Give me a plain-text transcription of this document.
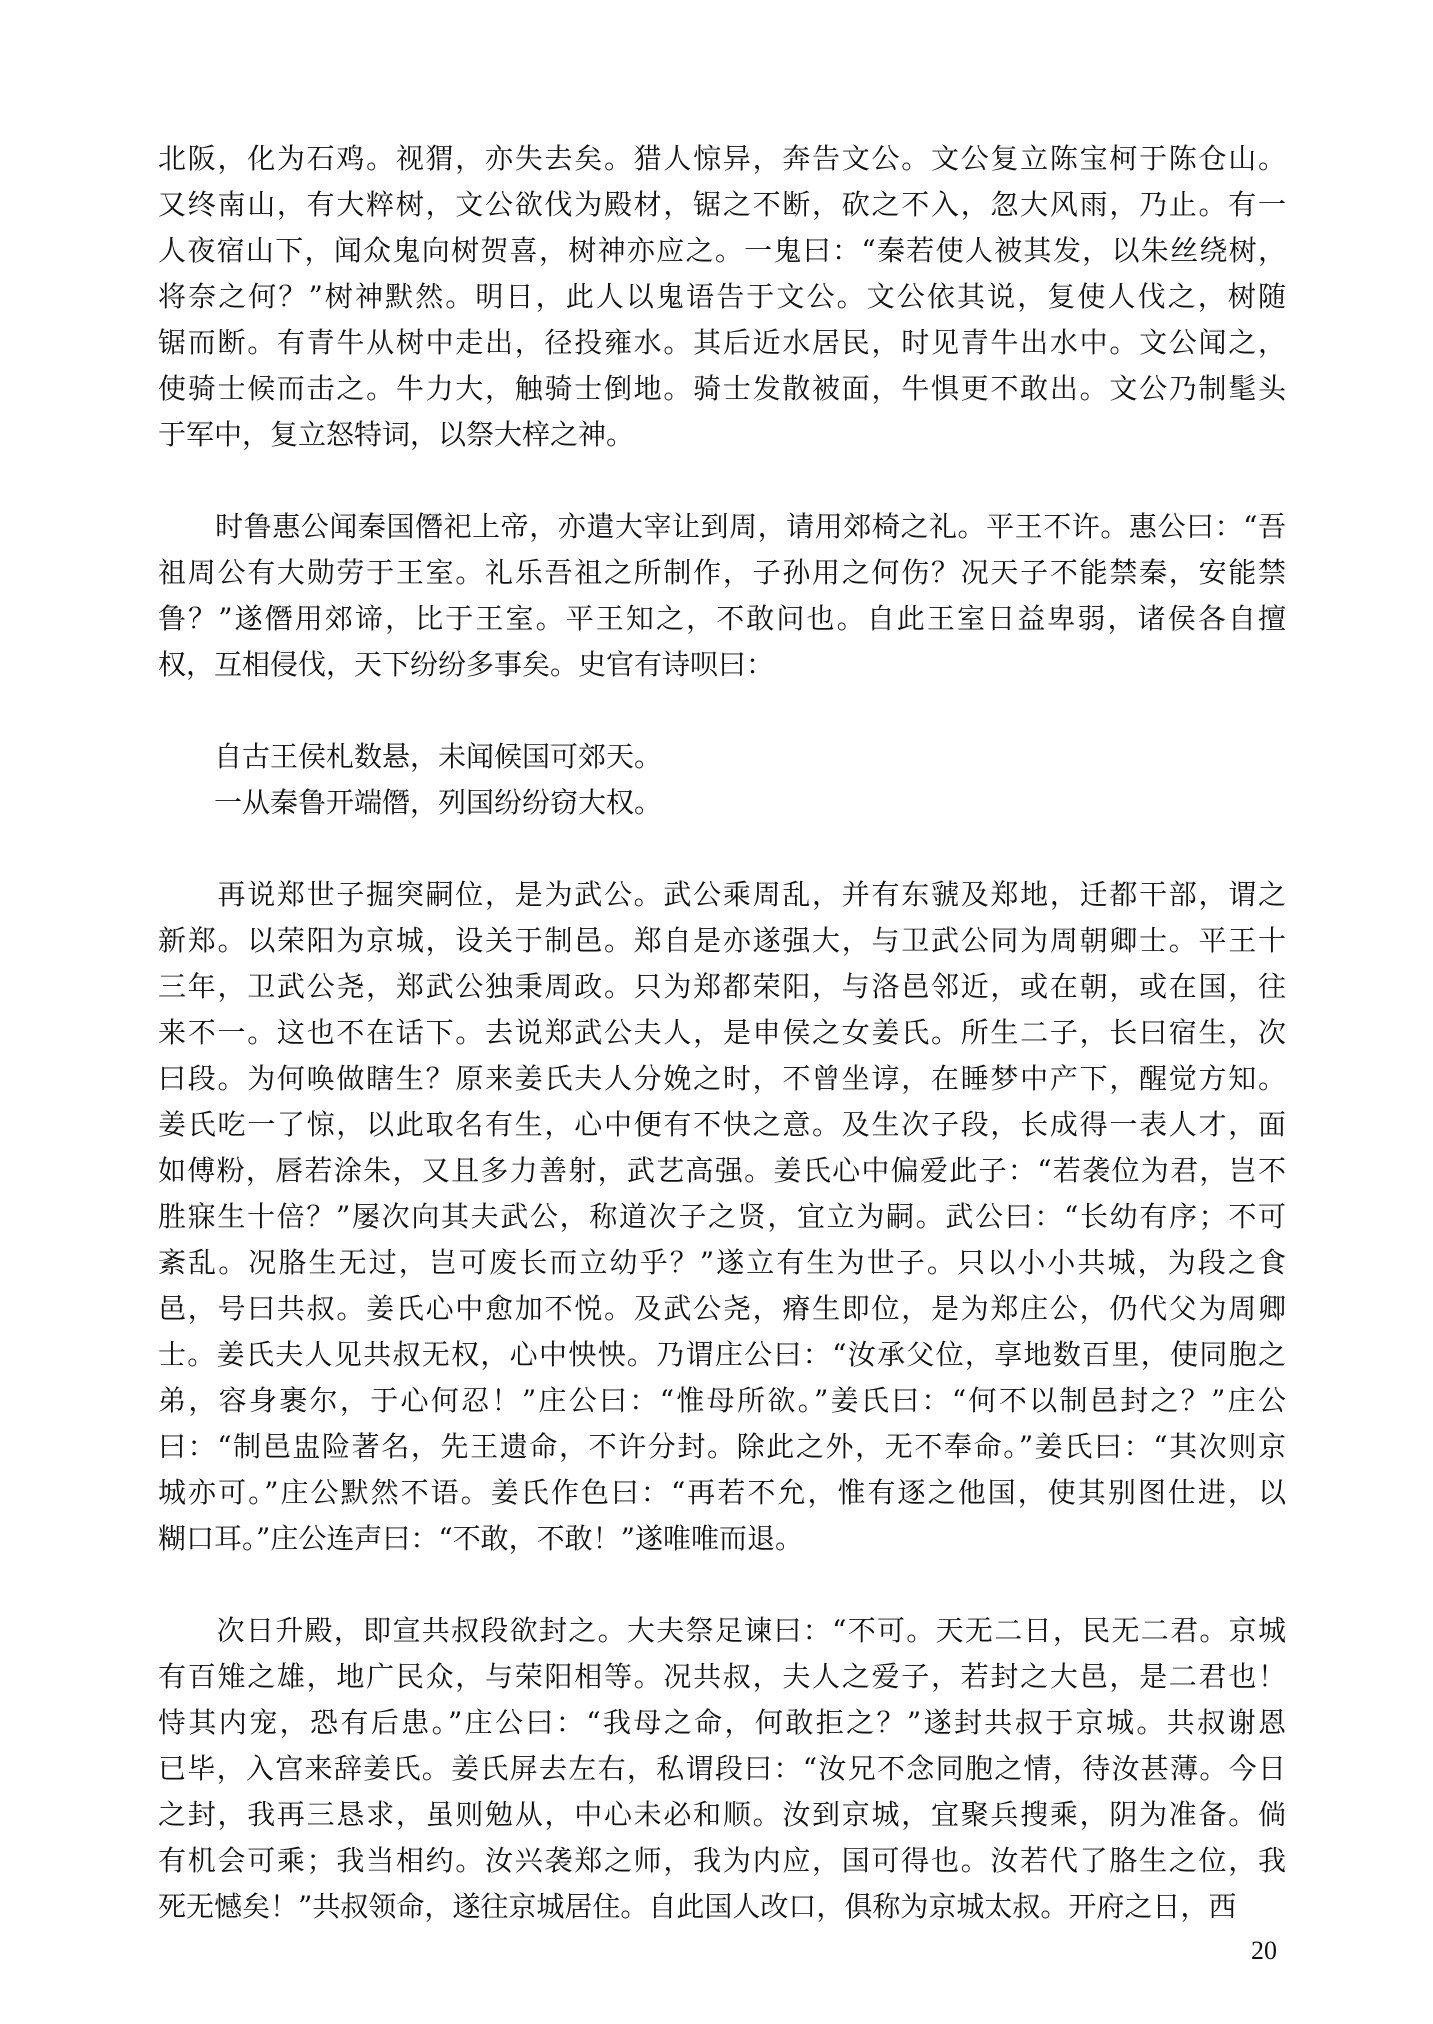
北阪，化为石鸡。视猬，亦失去矣。猎人惊异，奔告文公。文公复立陈宝柯于陈仓山。
又终南山，有大粹树，文公欲伐为殿材，锯之不断，砍之不入，忽大风雨，乃止。有一
人夜宿山下，闻众鬼向树贺喜，树神亦应之。一鬼曰：“秦若使人被其发，以朱丝绕树，
将奈之何？”树神默然。明日，此人以鬼语告于文公。文公依其说，复使人伐之，树随
锯而断。有青牛从树中走出，径投雍水。其后近水居民，时见青牛出水中。文公闻之，
使骑士候而击之。牛力大，触骑士倒地。骑士发散被面，牛惧更不敢出。文公乃制髦头
于军中，复立怒特词，以祭大梓之神。
　　时鲁惠公闻秦国僭祀上帝，亦遣大宰让到周，请用郊椅之礼。平王不许。惠公曰：“吾
祖周公有大勋劳于王室。礼乐吾祖之所制作，子孙用之何伤？况天子不能禁秦，安能禁
鲁？”遂僭用郊谛，比于王室。平王知之，不敢问也。自此王室日益卑弱，诸侯各自擅
权，互相侵伐，天下纷纷多事矣。史官有诗呗曰：
自古王侯札数悬，未闻候国可郊天。
一从秦鲁开端僭，列国纷纷窃大权。
　　再说郑世子掘突嗣位，是为武公。武公乘周乱，并有东虢及郑地，迁都干部，谓之
新郑。以荣阳为京城，设关于制邑。郑自是亦遂强大，与卫武公同为周朝卿士。平王十
三年，卫武公尧，郑武公独秉周政。只为郑都荣阳，与洛邑邻近，或在朝，或在国，往
来不一。这也不在话下。去说郑武公夫人，是申侯之女姜氏。所生二子，长曰宿生，次
曰段。为何唤做瞎生？原来姜氏夫人分娩之时，不曾坐谆，在睡梦中产下，醒觉方知。
姜氏吃一了惊，以此取名有生，心中便有不快之意。及生次子段，长成得一表人才，面
如傅粉，唇若涂朱，又且多力善射，武艺高强。姜氏心中偏爱此子：“若袭位为君，岂不
胜寐生十倍？”屡次向其夫武公，称道次子之贤，宜立为嗣。武公曰：“长幼有序；不可
紊乱。况胳生无过，岂可废长而立幼乎？”遂立有生为世子。只以小小共城，为段之食
邑，号曰共叔。姜氏心中愈加不悦。及武公尧，瘠生即位，是为郑庄公，仍代父为周卿
士。姜氏夫人见共叔无权，心中怏怏。乃谓庄公曰：“汝承父位，享地数百里，使同胞之
弟，容身裹尔，于心何忍！”庄公曰：“惟母所欲。”姜氏曰：“何不以制邑封之？”庄公
曰：“制邑盅险著名，先王遗命，不许分封。除此之外，无不奉命。”姜氏曰：“其次则京
城亦可。”庄公默然不语。姜氏作色曰：“再若不允，惟有逐之他国，使其别图仕进，以
糊口耳。”庄公连声曰：“不敢，不敢！”遂唯唯而退。
　　次日升殿，即宣共叔段欲封之。大夫祭足谏曰：“不可。天无二日，民无二君。京城
有百雉之雄，地广民众，与荣阳相等。况共叔，夫人之爱子，若封之大邑，是二君也！
恃其内宠，恐有后患。”庄公曰：“我母之命，何敢拒之？”遂封共叔于京城。共叔谢恩
已毕，入宫来辞姜氏。姜氏屏去左右，私谓段曰：“汝兄不念同胞之情，待汝甚薄。今日
之封，我再三恳求，虽则勉从，中心未必和顺。汝到京城，宜聚兵搜乘，阴为准备。倘
有机会可乘；我当相约。汝兴袭郑之师，我为内应，国可得也。汝若代了胳生之位，我
死无憾矣！”共叔领命，遂往京城居住。自此国人改口，俱称为京城太叔。开府之日，西
20
